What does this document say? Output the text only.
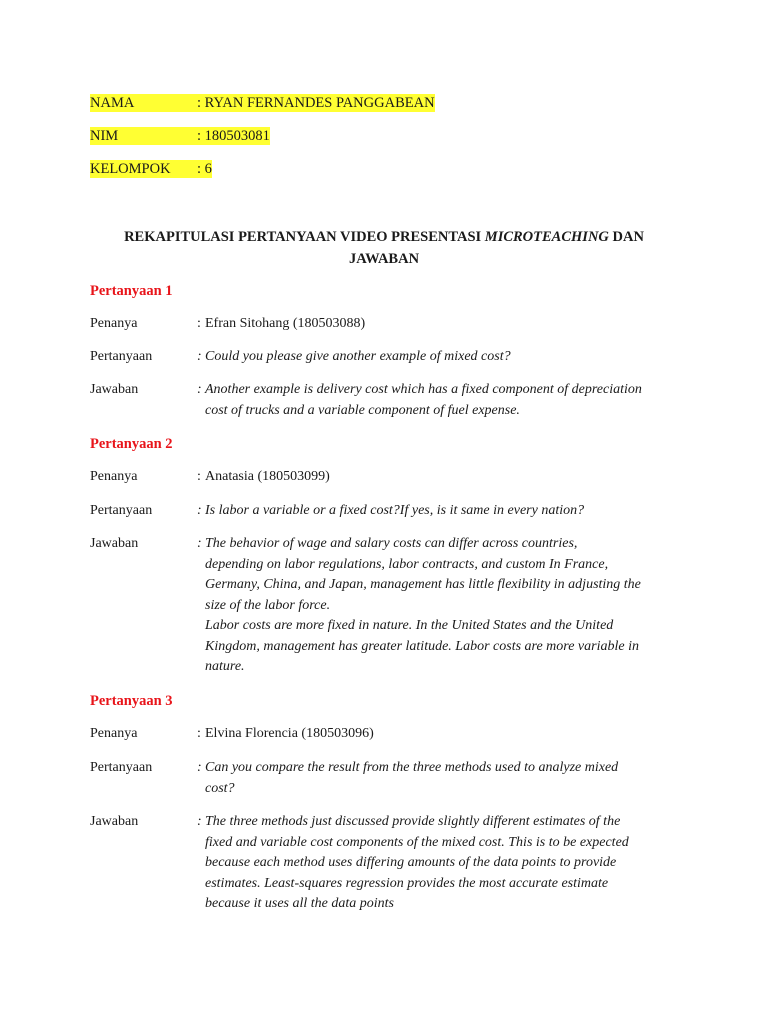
NAMA	: RYAN FERNANDES PANGGABEAN
NIM	: 180503081
KELOMPOK : 6
REKAPITULASI PERTANYAAN VIDEO PRESENTASI MICROTEACHING DAN
JAWABAN
Pertanyaan 1
Penanya	: Efran Sitohang (180503088)
Pertanyaan	: Could you please give another example of mixed cost?
Jawaban	: Another example is delivery cost which has a fixed component of depreciation
cost of trucks and a variable component of fuel expense.
Pertanyaan 2
Penanya	: Anatasia (180503099)
Pertanyaan	: Is labor a variable or a fixed cost?If yes, is it same in every nation?
Jawaban	: The behavior of wage and salary costs can differ across countries,
depending on labor regulations, labor contracts, and custom In France,
Germany, China, and Japan, management has little flexibility in adjusting the
size of the labor force.
Labor costs are more fixed in nature. In the United States and the United
Kingdom, management has greater latitude. Labor costs are more variable in
nature.
Pertanyaan 3
Penanya	: Elvina Florencia (180503096)
Pertanyaan	: Can you compare the result from the three methods used to analyze mixed
cost?
Jawaban	: The three methods just discussed provide slightly different estimates of the
fixed and variable cost components of the mixed cost. This is to be expected
because each method uses differing amounts of the data points to provide
estimates. Least-squares regression provides the most accurate estimate
because it uses all the data points
